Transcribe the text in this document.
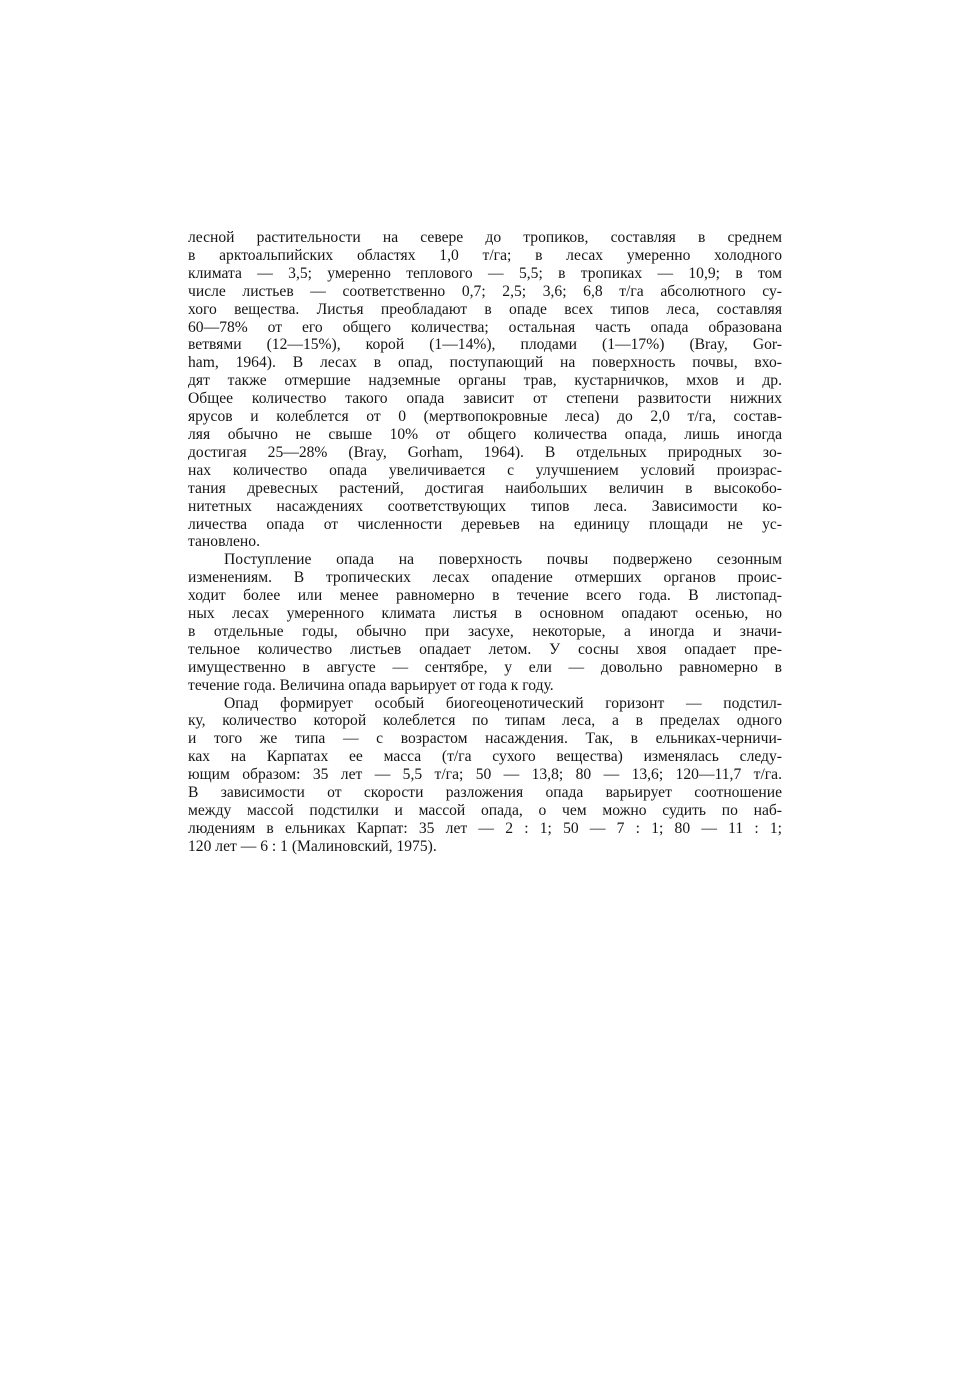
лесной растительности на севере до тропиков, составляя в среднем
в арктоальпийских областях 1,0 т/га; в лесах умеренно холодного
климата — 3,5; умеренно теплового — 5,5; в тропиках — 10,9; в том
числе листьев — соответственно 0,7; 2,5; 3,6; 6,8 т/га абсолютного су-
хого вещества. Листья преобладают в опаде всех типов леса, составляя
60—78% от его общего количества; остальная часть опада образована
ветвями (12—15%), корой (1—14%), плодами (1—17%) (Bray, Gor-
ham, 1964). В лесах в опад, поступающий на поверхность почвы, вхо-
дят также отмершие надземные органы трав, кустарничков, мхов и др.
Общее количество такого опада зависит от степени развитости нижних
ярусов и колеблется от 0 (мертвопокровные леса) до 2,0 т/га, состав-
ляя обычно не свыше 10% от общего количества опада, лишь иногда
достигая 25—28% (Bray, Gorham, 1964). В отдельных природных зо-
нах количество опада увеличивается с улучшением условий произрас-
тания древесных растений, достигая наибольших величин в высокобо-
нитетных насаждениях соответствующих типов леса. Зависимости ко-
личества опада от численности деревьев на единицу площади не ус-
тановлено.
Поступление опада на поверхность почвы подвержено сезонным
изменениям. В тропических лесах опадение отмерших органов проис-
ходит более или менее равномерно в течение всего года. В листопад-
ных лесах умеренного климата листья в основном опадают осенью, но
в отдельные годы, обычно при засухе, некоторые, а иногда и значи-
тельное количество листьев опадает летом. У сосны хвоя опадает пре-
имущественно в августе — сентябре, у ели — довольно равномерно в
течение года. Величина опада варьирует от года к году.
Опад формирует особый биогеоценотический горизонт — подстил-
ку, количество которой колеблется по типам леса, а в пределах одного
и того же типа — с возрастом насаждения. Так, в ельниках-черничи-
ках на Карпатах ее масса (т/га сухого вещества) изменялась следу-
ющим образом: 35 лет — 5,5 т/га; 50 — 13,8; 80 — 13,6; 120—11,7 т/га.
В зависимости от скорости разложения опада варьирует соотношение
между массой подстилки и массой опада, о чем можно судить по наб-
людениям в ельниках Карпат: 35 лет — 2 : 1; 50 — 7 : 1; 80 — 11 : 1;
120 лет — 6 : 1 (Малиновский, 1975).
